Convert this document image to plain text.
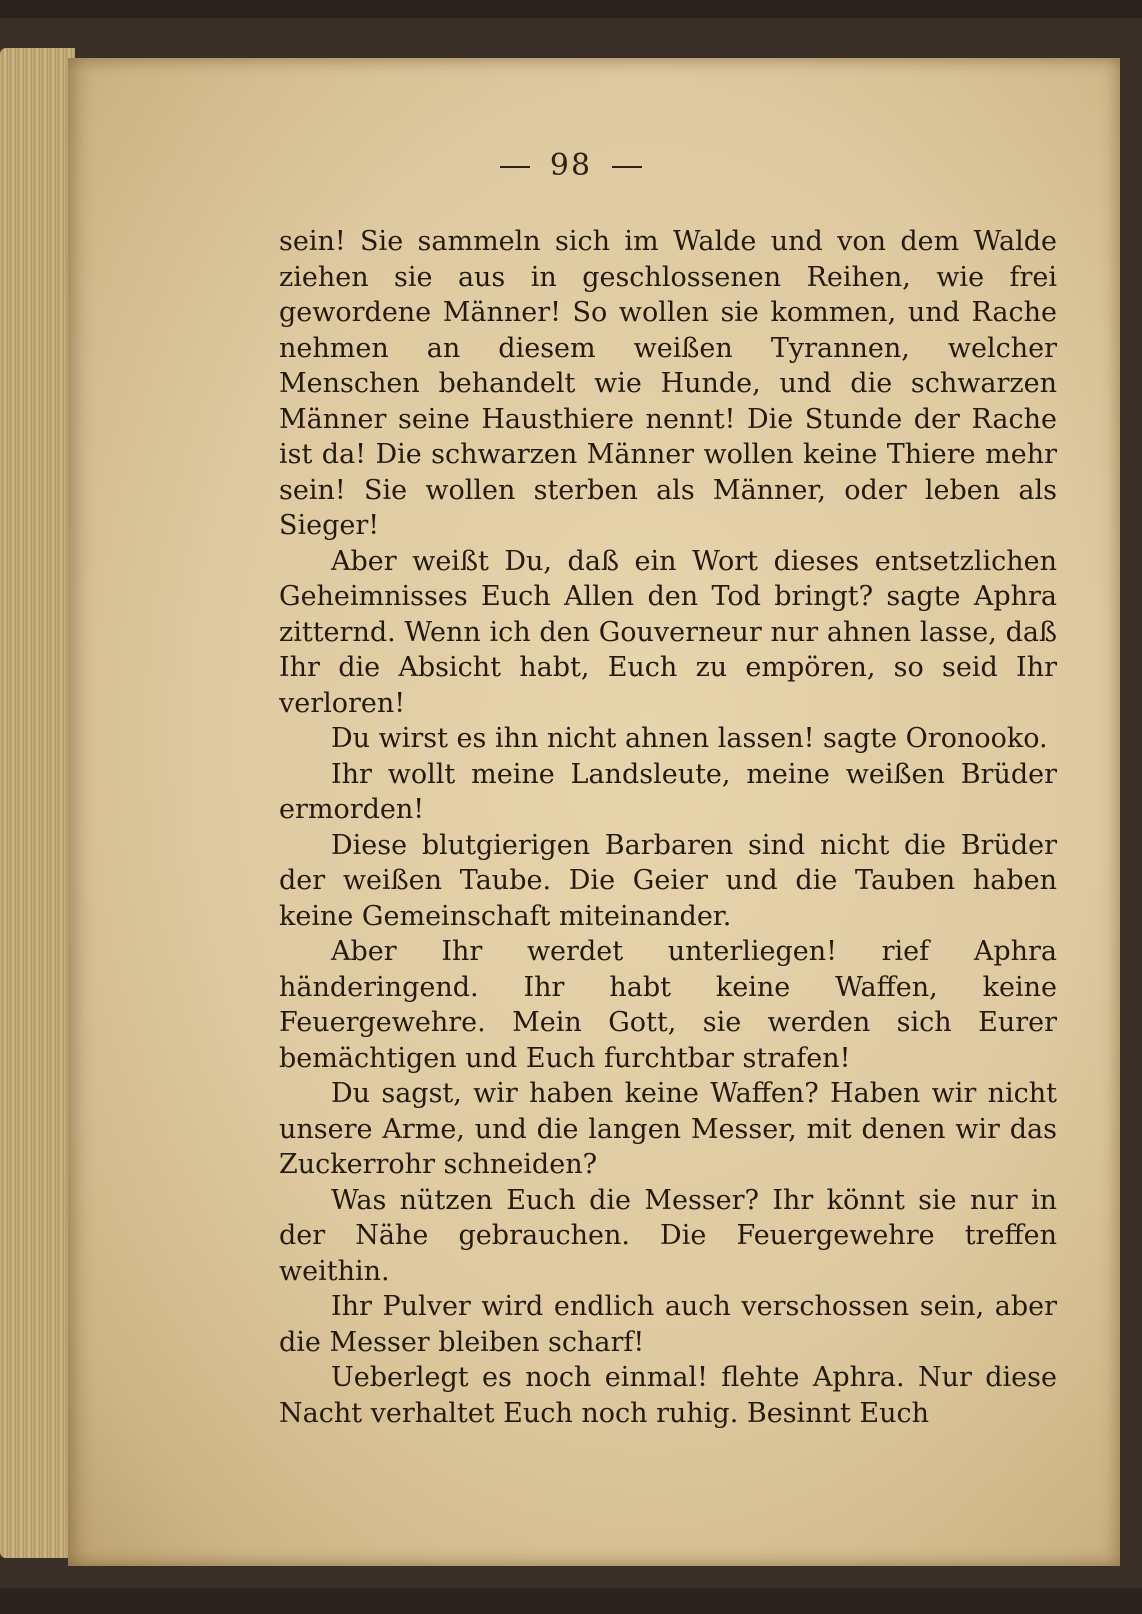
98

sein! Sie sammeln sich im Walde und von dem Walde ziehen sie aus in geschlossenen Reihen, wie frei gewordene Männer! So wollen sie kommen, und Rache nehmen an diesem weißen Tyrannen, welcher Menschen behandelt wie Hunde, und die schwarzen Männer seine Hausthiere nennt! Die Stunde der Rache ist da! Die schwarzen Männer wollen keine Thiere mehr sein! Sie wollen sterben als Männer, oder leben als Sieger!

Aber weißt Du, daß ein Wort dieses entsetzlichen Geheimnisses Euch Allen den Tod bringt? sagte Aphra zitternd. Wenn ich den Gouverneur nur ahnen lasse, daß Ihr die Absicht habt, Euch zu empören, so seid Ihr verloren!

Du wirst es ihn nicht ahnen lassen! sagte Oronooko.

Ihr wollt meine Landsleute, meine weißen Brüder ermorden!

Diese blutgierigen Barbaren sind nicht die Brüder der weißen Taube. Die Geier und die Tauben haben keine Gemeinschaft miteinander.

Aber Ihr werdet unterliegen! rief Aphra händeringend. Ihr habt keine Waffen, keine Feuergewehre. Mein Gott, sie werden sich Eurer bemächtigen und Euch furchtbar strafen!

Du sagst, wir haben keine Waffen? Haben wir nicht unsere Arme, und die langen Messer, mit denen wir das Zuckerrohr schneiden?

Was nützen Euch die Messer? Ihr könnt sie nur in der Nähe gebrauchen. Die Feuergewehre treffen weithin.

Ihr Pulver wird endlich auch verschossen sein, aber die Messer bleiben scharf!

Ueberlegt es noch einmal! flehte Aphra. Nur diese Nacht verhaltet Euch noch ruhig. Besinnt Euch
